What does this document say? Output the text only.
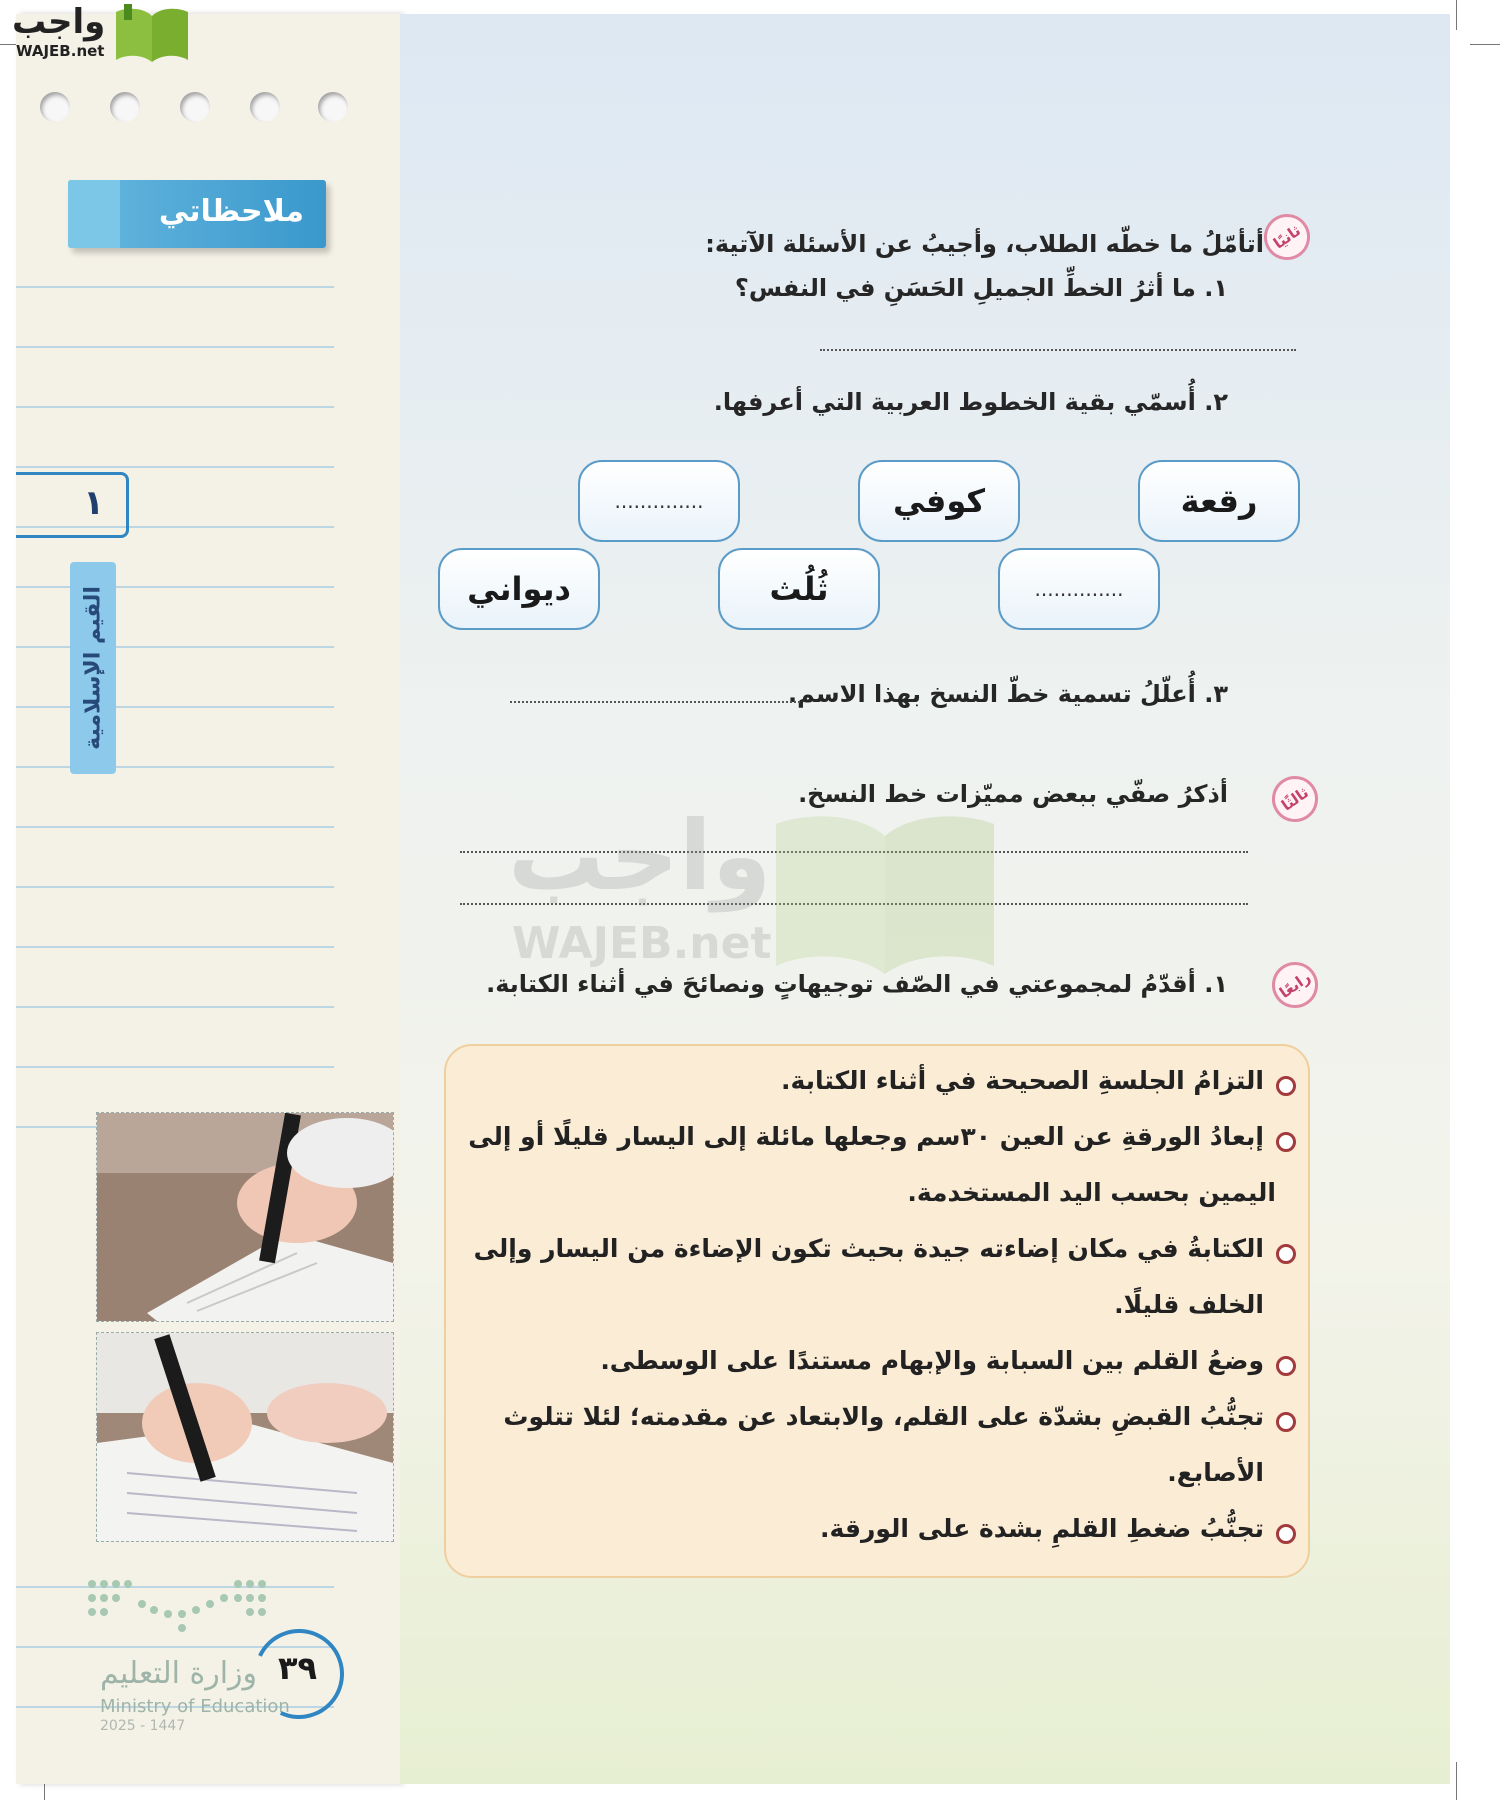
ملاحظاتي
١
القيم الإسلامية
٣٩
وزارة التعليم
Ministry of Education
2025 - 1447
واجب
WAJEB.net
ثانيًا
أتأمّلُ ما خطّه الطلاب، وأجيبُ عن الأسئلة الآتية:
١. ما أثرُ الخطِّ الجميلِ الحَسَنِ في النفس؟
٢. أُسمّي بقية الخطوط العربية التي أعرفها.
رقعة
كوفي
..............
..............
ثُلُث
ديواني
٣. أُعلّلُ تسمية خطّ النسخ بهذا الاسم.
ثالثًا
أذكرُ صفّي ببعض مميّزات خط النسخ.
رابعًا
١. أقدّمُ لمجموعتي في الصّف توجيهاتٍ ونصائحَ في أثناء الكتابة.
التزامُ الجلسةِ الصحيحة في أثناء الكتابة.
إبعادُ الورقةِ عن العين ٣٠سم وجعلها مائلة إلى اليسار قليلًا أو إلى
اليمين بحسب اليد المستخدمة.
الكتابةُ في مكان إضاءته جيدة بحيث تكون الإضاءة من اليسار وإلى
الخلف قليلًا.
وضعُ القلم بين السبابة والإبهام مستندًا على الوسطى.
تجنُّبُ القبضِ بشدّة على القلم، والابتعاد عن مقدمته؛ لئلا تتلوث
الأصابع.
تجنُّبُ ضغطِ القلمِ بشدة على الورقة.
واجب
WAJEB.net
